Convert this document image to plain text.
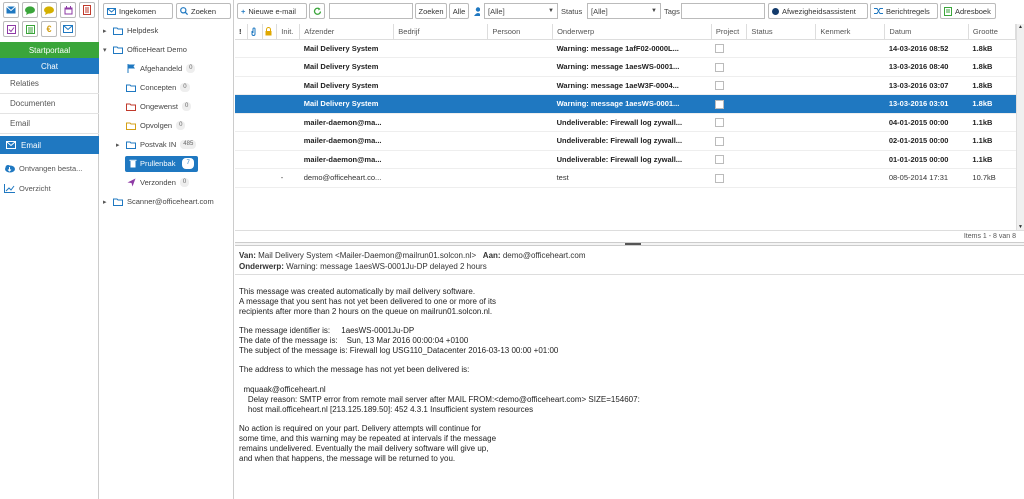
€
Startportaal
Chat
Relaties
Documenten
Email
Email
Ontvangen besta...
Overzicht
Ingekomen	Zoeken
▸	Helpdesk
▾	OfficeHeart Demo
Afgehandeld	0
Concepten	0
Ongewenst	0
Opvolgen	0
▸	Postvak IN	485
Prullenbak	7
Verzonden	0
▸	Scanner@officeheart.com
+ Nieuwe e-mail	Zoeken Alle	[Alle]	▼ Status [Alle]	▼ Tags	Afwezigheidsassistent	Berichtregels	Adresboek
!			Init.	Afzender	Bedrijf	Persoon	Onderwerp	Project	Status	Kenmerk	Datum	Grootte
				Mail Delivery System			Warning: message 1afF02-0000L...				14-03-2016 08:52	1.8kB
				Mail Delivery System			Warning: message 1aesWS-0001...				13-03-2016 08:40	1.8kB
				Mail Delivery System			Warning: message 1aeW3F-0004...				13-03-2016 03:07	1.8kB
				Mail Delivery System			Warning: message 1aesWS-0001...				13-03-2016 03:01	1.8kB
				mailer-daemon@ma...			Undeliverable: Firewall log zywall...				04-01-2015 00:00	1.1kB
				mailer-daemon@ma...			Undeliverable: Firewall log zywall...				02-01-2015 00:00	1.1kB
				mailer-daemon@ma...			Undeliverable: Firewall log zywall...				01-01-2015 00:00	1.1kB
			-	demo@officeheart.co...			test				08-05-2014 17:31	10.7kB
▲
▼
Items 1 - 8 van 8
Van: Mail Delivery System <Mailer-Daemon@mailrun01.solcon.nl> Aan: demo@officeheart.com
Onderwerp: Warning: message 1aesWS-0001Ju-DP delayed 2 hours
This message was created automatically by mail delivery software.
A message that you sent has not yet been delivered to one or more of its
recipients after more than 2 hours on the queue on mailrun01.solcon.nl.

The message identifier is:     1aesWS-0001Ju-DP
The date of the message is:    Sun, 13 Mar 2016 00:00:04 +0100
The subject of the message is: Firewall log USG110_Datacenter 2016-03-13 00:00 +01:00

The address to which the message has not yet been delivered is:

mquaak@officeheart.nl
Delay reason: SMTP error from remote mail server after MAIL FROM:<demo@officeheart.com> SIZE=154607:
host mail.officeheart.nl [213.125.189.50]: 452 4.3.1 Insufficient system resources

No action is required on your part. Delivery attempts will continue for
some time, and this warning may be repeated at intervals if the message
remains undelivered. Eventually the mail delivery software will give up,
and when that happens, the message will be returned to you.
